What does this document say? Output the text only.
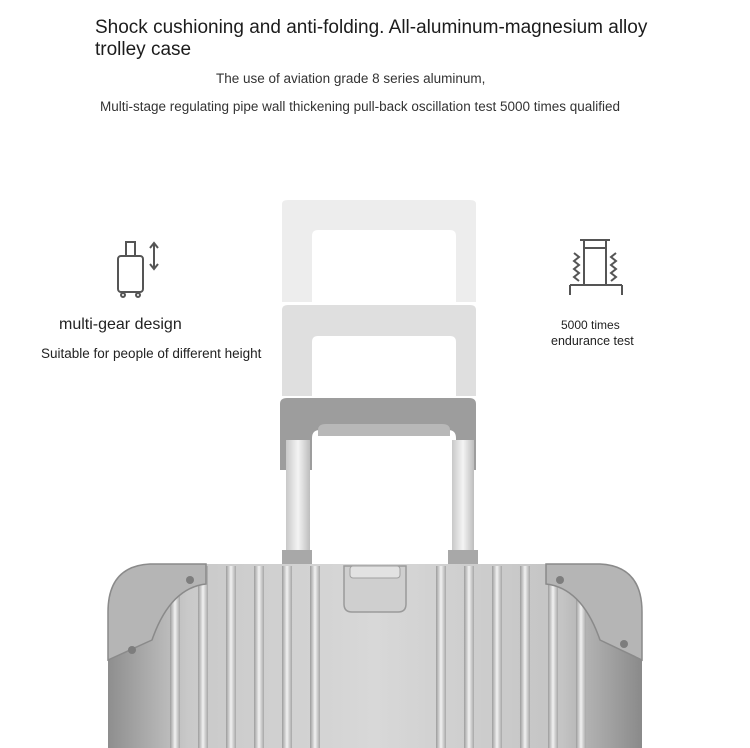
Shock cushioning and anti-folding. All-aluminum-magnesium alloy trolley case
The use of aviation grade 8 series aluminum,
Multi-stage regulating pipe wall thickening pull-back oscillation test 5000 times qualified
multi-gear design
Suitable for people of different height
5000 times
endurance test
